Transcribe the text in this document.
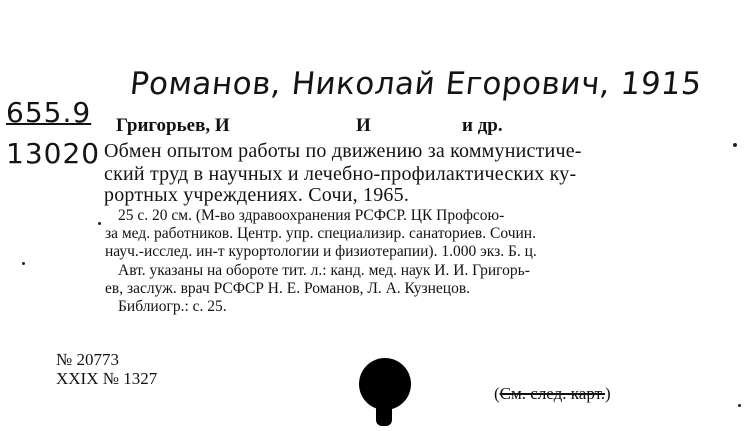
Романов, Николай Егорович, 1915
655.9
13020
Григорьев, И	И	и др.
Обмен опытом работы по движению за коммунистиче-
ский труд в научных и лечебно-профилактических ку-
рортных учреждениях. Сочи, 1965.
25 с. 20 см. (М-во здравоохранения РСФСР. ЦК Профсою-
за мед. работников. Центр. упр. специализир. санаториев. Сочин.
науч.-исслед. ин-т курортологии и физиотерапии). 1.000 экз. Б. ц.
Авт. указаны на обороте тит. л.: канд. мед. наук И. И. Григорь-
ев, заслуж. врач РСФСР Н. Е. Романов, Л. А. Кузнецов.
Библиогр.: с. 25.
№ 20773
XXIX № 1327
(См. след. карт.)
